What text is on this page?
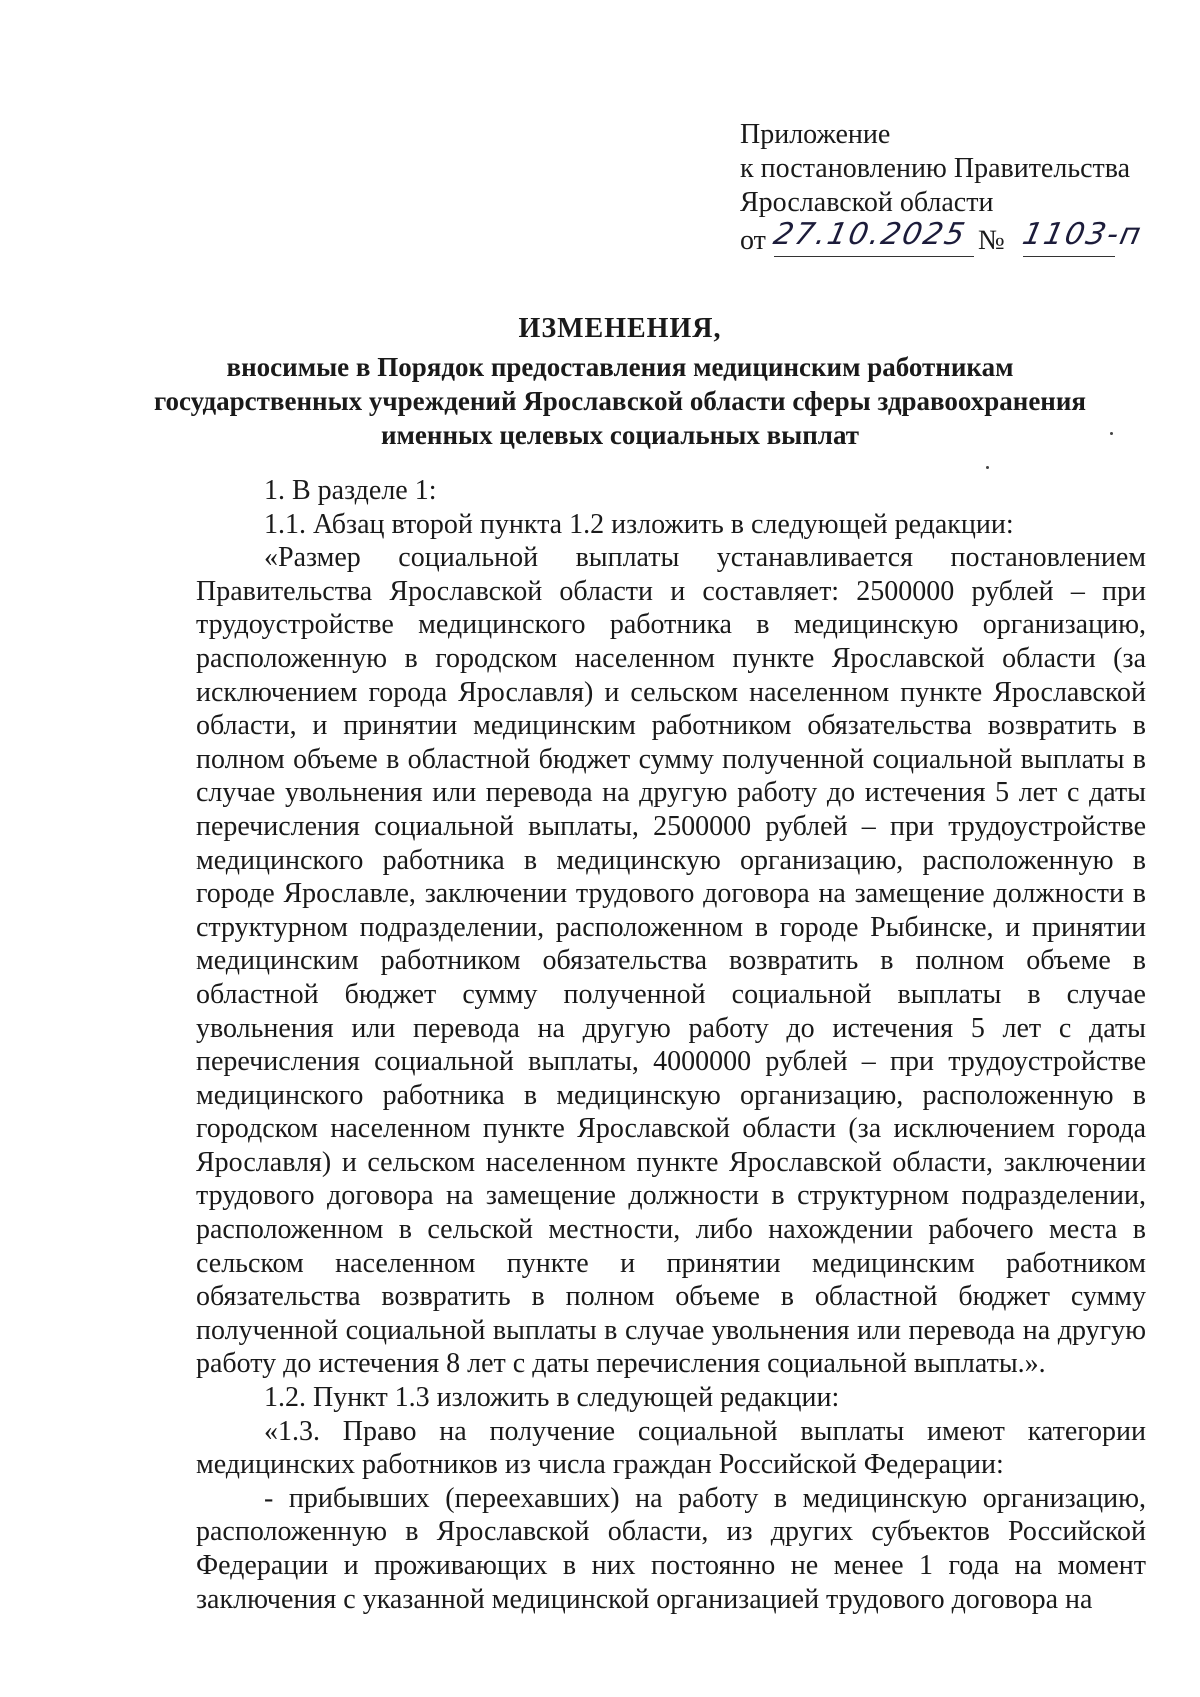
Приложение
к постановлению Правительства
Ярославской области
от 27.10.2025 № 1103-п
ИЗМЕНЕНИЯ,
вносимые в Порядок предоставления медицинским работникам государственных учреждений Ярославской области сферы здравоохранения именных целевых социальных выплат

1. В разделе 1:

1.1. Абзац второй пункта 1.2 изложить в следующей редакции:

«Размер социальной выплаты устанавливается постановлением Правительства Ярославской области и составляет: 2500000 рублей – при трудоустройстве медицинского работника в медицинскую организацию, расположенную в городском населенном пункте Ярославской области (за исключением города Ярославля) и сельском населенном пункте Ярославской области, и принятии медицинским работником обязательства возвратить в полном объеме в областной бюджет сумму полученной социальной выплаты в случае увольнения или перевода на другую работу до истечения 5 лет с даты перечисления социальной выплаты, 2500000 рублей – при трудоустройстве медицинского работника в медицинскую организацию, расположенную в городе Ярославле, заключении трудового договора на замещение должности в структурном подразделении, расположенном в городе Рыбинске, и принятии медицинским работником обязательства возвратить в полном объеме в областной бюджет сумму полученной социальной выплаты в случае увольнения или перевода на другую работу до истечения 5 лет с даты перечисления социальной выплаты, 4000000 рублей – при трудоустройстве медицинского работника в медицинскую организацию, расположенную в городском населенном пункте Ярославской области (за исключением города Ярославля) и сельском населенном пункте Ярославской области, заключении трудового договора на замещение должности в структурном подразделении, расположенном в сельской местности, либо нахождении рабочего места в сельском населенном пункте и принятии медицинским работником обязательства возвратить в полном объеме в областной бюджет сумму полученной социальной выплаты в случае увольнения или перевода на другую работу до истечения 8 лет с даты перечисления социальной выплаты.».

1.2. Пункт 1.3 изложить в следующей редакции:

«1.3. Право на получение социальной выплаты имеют категории медицинских работников из числа граждан Российской Федерации:

- прибывших (переехавших) на работу в медицинскую организацию, расположенную в Ярославской области, из других субъектов Российской Федерации и проживающих в них постоянно не менее 1 года на момент заключения с указанной медицинской организацией трудового договора на
